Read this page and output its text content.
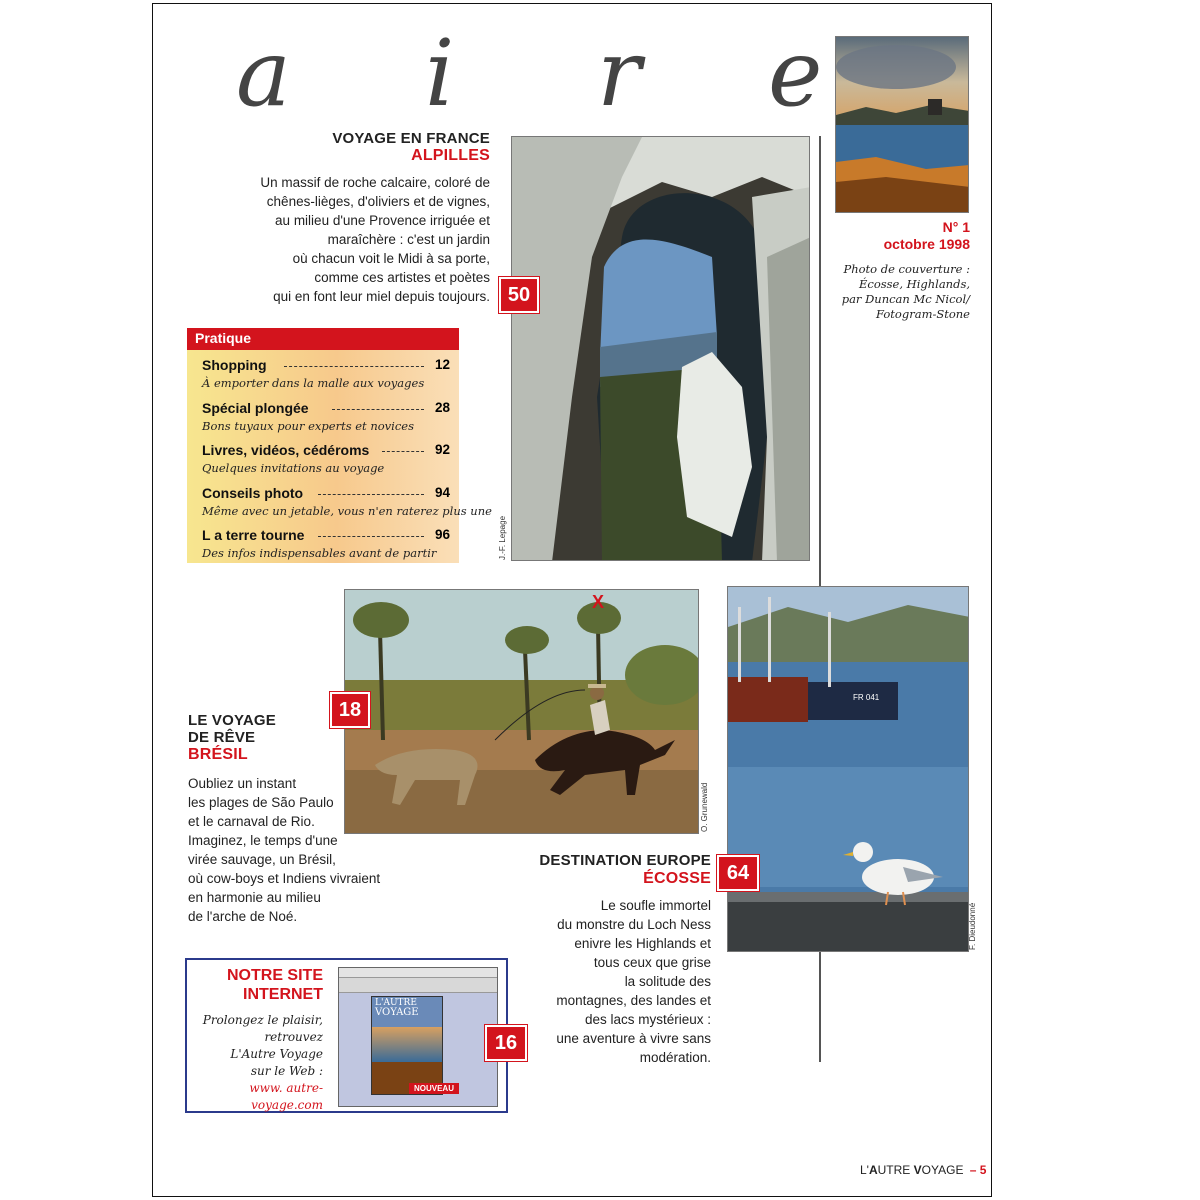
a i r e
N° 1
octobre 1998
Photo de couverture :
Écosse, Highlands,
par Duncan Mc Nicol/
Fotogram-Stone
VOYAGE EN FRANCE
ALPILLES
Un massif de roche calcaire, coloré de
chênes-lièges, d'oliviers et de vignes,
au milieu d'une Provence irriguée et
maraîchère : c'est un jardin
où chacun voit le Midi à sa porte,
comme ces artistes et poètes
qui en font leur miel depuis toujours. 50
J.-F. Lepage
Pratique
Shopping	12
À emporter dans la malle aux voyages
Spécial plongée	28
Bons tuyaux pour experts et novices
Livres, vidéos, cédéroms	92
Quelques invitations au voyage
Conseils photo	94
Même avec un jetable, vous n'en raterez plus une
L a terre tourne	96
Des infos indispensables avant de partir
X
18
O. Grunewald
LE VOYAGE
DE RÊVE
BRÉSIL
Oubliez un instant
les plages de São Paulo
et le carnaval de Rio.
Imaginez, le temps d'une
virée sauvage, un Brésil,
où cow-boys et Indiens vivraient
en harmonie au milieu
de l'arche de Noé.
FR 041
F. Dieudonné
64
DESTINATION EUROPE
ÉCOSSE
Le soufle immortel
du monstre du Loch Ness
enivre les Highlands et
tous ceux que grise
la solitude des
montagnes, des landes et
des lacs mystérieux :
une aventure à vivre sans
modération.
NOTRE SITE
INTERNET
Prolongez le plaisir,
retrouvez
L'Autre Voyage
sur le Web :
www. autre-voyage.com
L'AUTRE
VOYAGE
NOUVEAU
16
L'AUTRE VOYAGE – 5
